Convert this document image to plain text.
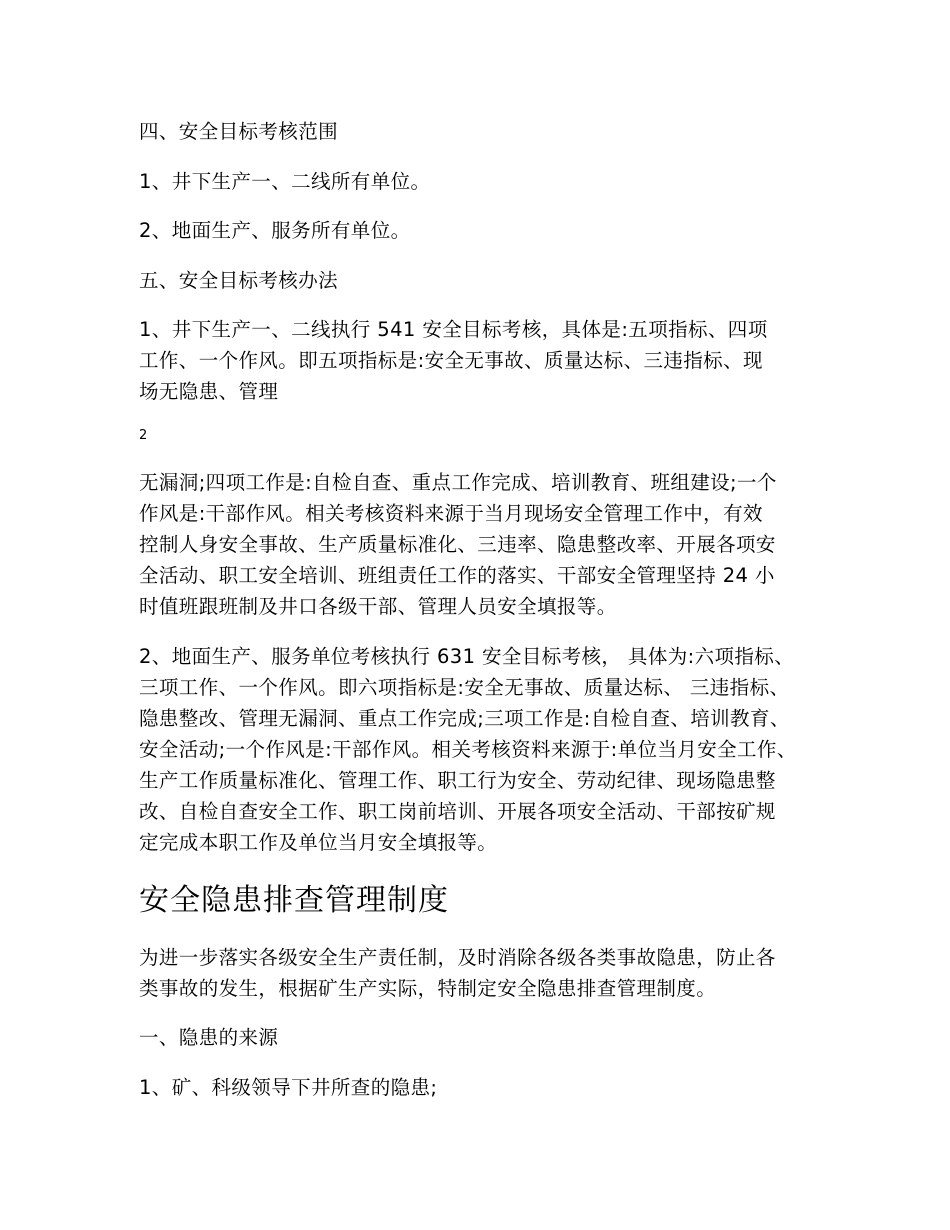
四、安全目标考核范围

1、井下生产一、二线所有单位。

2、地面生产、服务所有单位。

五、安全目标考核办法

1、井下生产一、二线执行 541 安全目标考核，具体是:五项指标、四项

工作、一个作风。即五项指标是:安全无事故、质量达标、三违指标、现

场无隐患、管理

2

无漏洞;四项工作是:自检自查、重点工作完成、培训教育、班组建设;一个

作风是:干部作风。相关考核资料来源于当月现场安全管理工作中，有效

控制人身安全事故、生产质量标准化、三违率、隐患整改率、开展各项安

全活动、职工安全培训、班组责任工作的落实、干部安全管理坚持 24 小

时值班跟班制及井口各级干部、管理人员安全填报等。

2、地面生产、服务单位考核执行 631 安全目标考核， 具体为:六项指标、

三项工作、一个作风。即六项指标是:安全无事故、质量达标、 三违指标、

隐患整改、管理无漏洞、重点工作完成;三项工作是:自检自查、培训教育、

安全活动;一个作风是:干部作风。相关考核资料来源于:单位当月安全工作、

生产工作质量标准化、管理工作、职工行为安全、劳动纪律、现场隐患整

改、自检自查安全工作、职工岗前培训、开展各项安全活动、干部按矿规

定完成本职工作及单位当月安全填报等。

安全隐患排查管理制度

为进一步落实各级安全生产责任制，及时消除各级各类事故隐患，防止各

类事故的发生，根据矿生产实际，特制定安全隐患排查管理制度。

一、隐患的来源

1、矿、科级领导下井所查的隐患;
